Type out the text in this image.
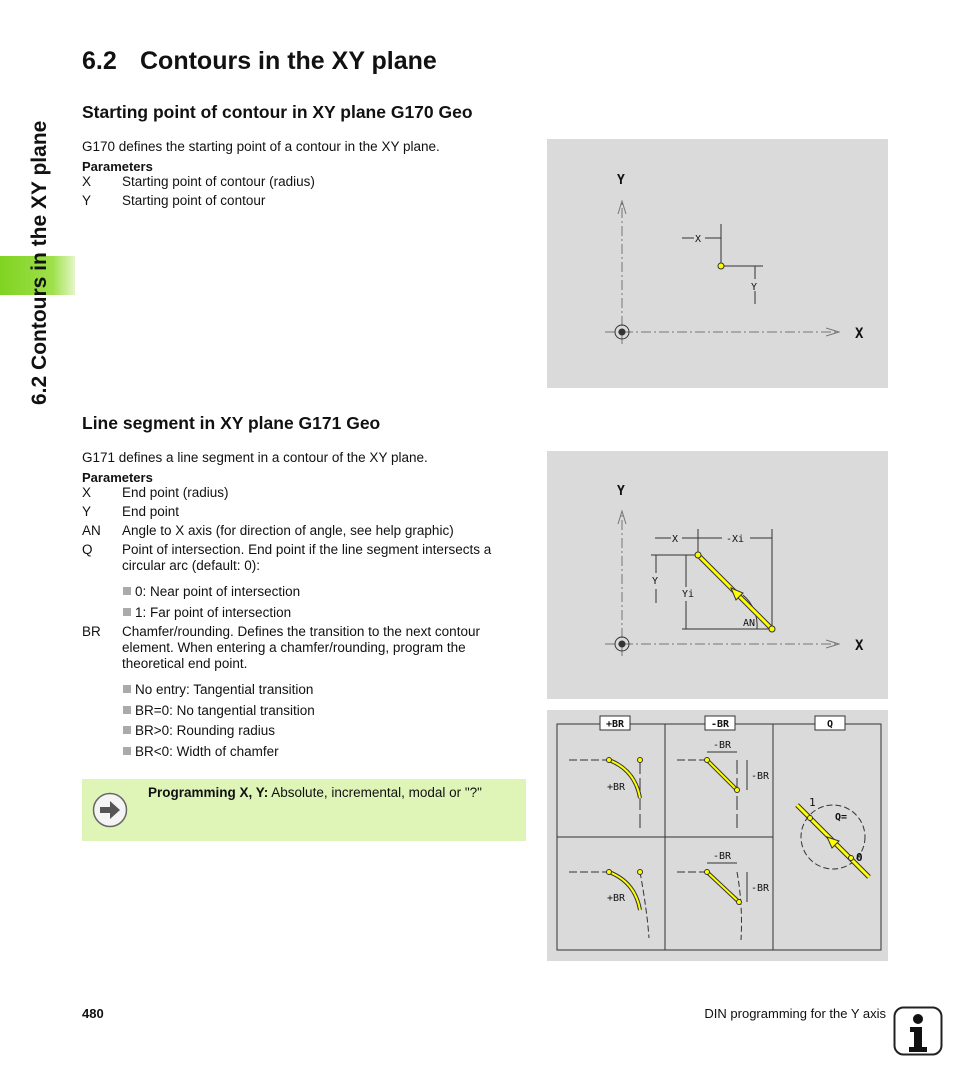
6.2 Contours in the XY plane
6.2 Contours in the XY plane
Starting point of contour in XY plane G170 Geo

G170 defines the starting point of a contour in the XY plane.

Parameters

X Starting point of contour (radius)
Y Starting point of contour
Y
X
X
Y
Line segment in XY plane G171 Geo

G171 defines a line segment in a contour of the XY plane.

Parameters

X End point (radius)
Y End point
AN Angle to X axis (for direction of angle, see help graphic)
Q Point of intersection. End point if the line segment intersects a circular arc (default: 0):
0: Near point of intersection
1: Far point of intersection
BR Chamfer/rounding. Defines the transition to the next contour element. When entering a chamfer/rounding, program the theoretical end point.
No entry: Tangential transition
BR=0: No tangential transition
BR>0: Rounding radius
BR<0: Width of chamfer
Y
X
X	-Xi
Y
Yi
AN
+BR	-BR	Q
+BR
+BR
-BR
-BR
-BR
-BR
1
Q=
0
Programming X, Y: Absolute, incremental, modal or "?"
480	DIN programming for the Y axis
